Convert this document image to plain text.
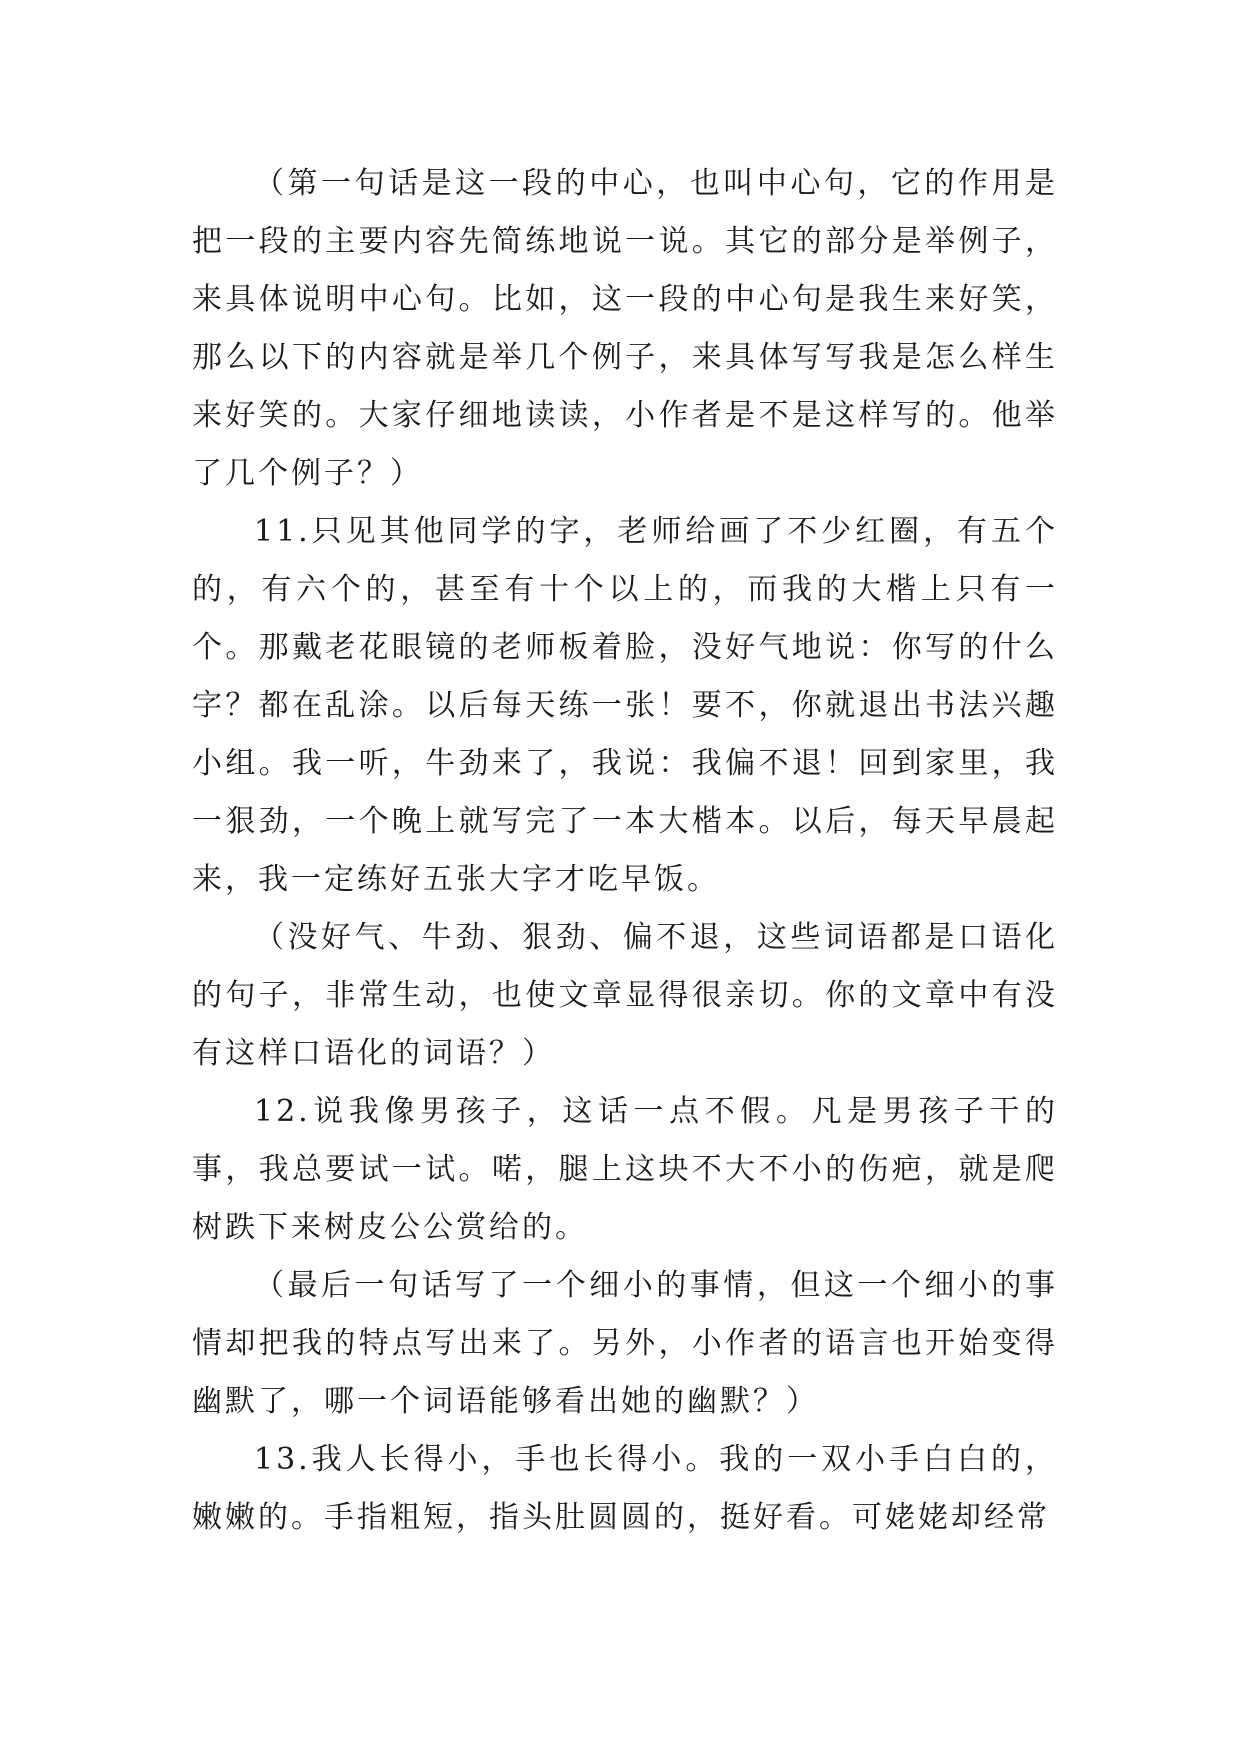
（第一句话是这一段的中心，也叫中心句，它的作用是把一段的主要内容先简练地说一说。其它的部分是举例子，来具体说明中心句。比如，这一段的中心句是我生来好笑，那么以下的内容就是举几个例子，来具体写写我是怎么样生来好笑的。大家仔细地读读，小作者是不是这样写的。他举了几个例子？）

11.只见其他同学的字，老师给画了不少红圈，有五个的，有六个的，甚至有十个以上的，而我的大楷上只有一个。那戴老花眼镜的老师板着脸，没好气地说：你写的什么字？都在乱涂。以后每天练一张！要不，你就退出书法兴趣小组。我一听，牛劲来了，我说：我偏不退！回到家里，我一狠劲，一个晚上就写完了一本大楷本。以后，每天早晨起来，我一定练好五张大字才吃早饭。

（没好气、牛劲、狠劲、偏不退，这些词语都是口语化的句子，非常生动，也使文章显得很亲切。你的文章中有没有这样口语化的词语？）

12.说我像男孩子，这话一点不假。凡是男孩子干的事，我总要试一试。喏，腿上这块不大不小的伤疤，就是爬树跌下来树皮公公赏给的。

（最后一句话写了一个细小的事情，但这一个细小的事情却把我的特点写出来了。另外，小作者的语言也开始变得幽默了，哪一个词语能够看出她的幽默？）

13.我人长得小，手也长得小。我的一双小手白白的，嫩嫩的。手指粗短，指头肚圆圆的，挺好看。可姥姥却经常
